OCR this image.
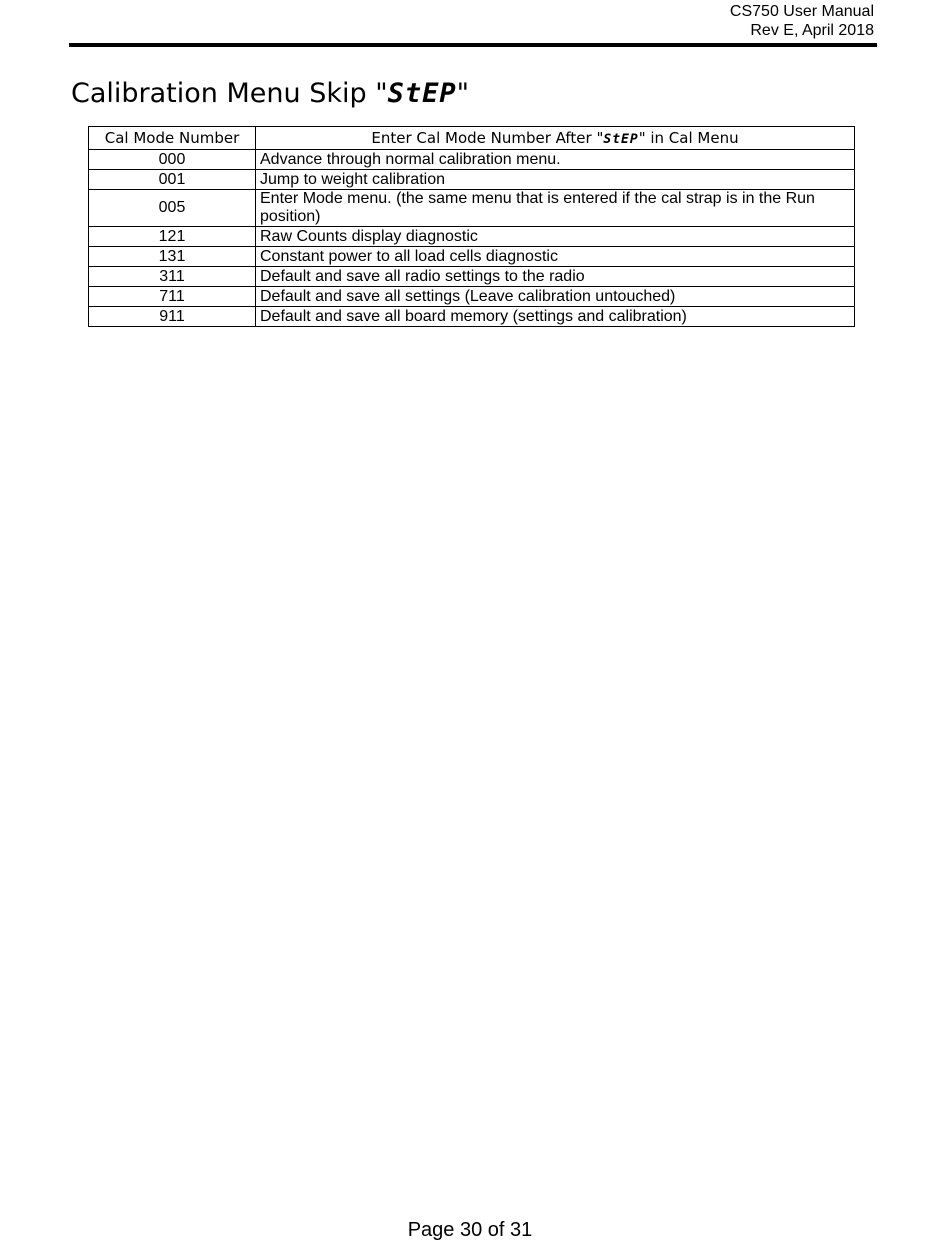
CS750 User Manual
Rev E, April 2018
Calibration Menu Skip "StEP"
Cal Mode Number	Enter Cal Mode Number After "StEP" in Cal Menu
000	Advance through normal calibration menu.
001	Jump to weight calibration
005	Enter Mode menu. (the same menu that is entered if the cal strap is in the Run position)
121	Raw Counts display diagnostic
131	Constant power to all load cells diagnostic
311	Default and save all radio settings to the radio
711	Default and save all settings (Leave calibration untouched)
911	Default and save all board memory (settings and calibration)
Page 30 of 31
